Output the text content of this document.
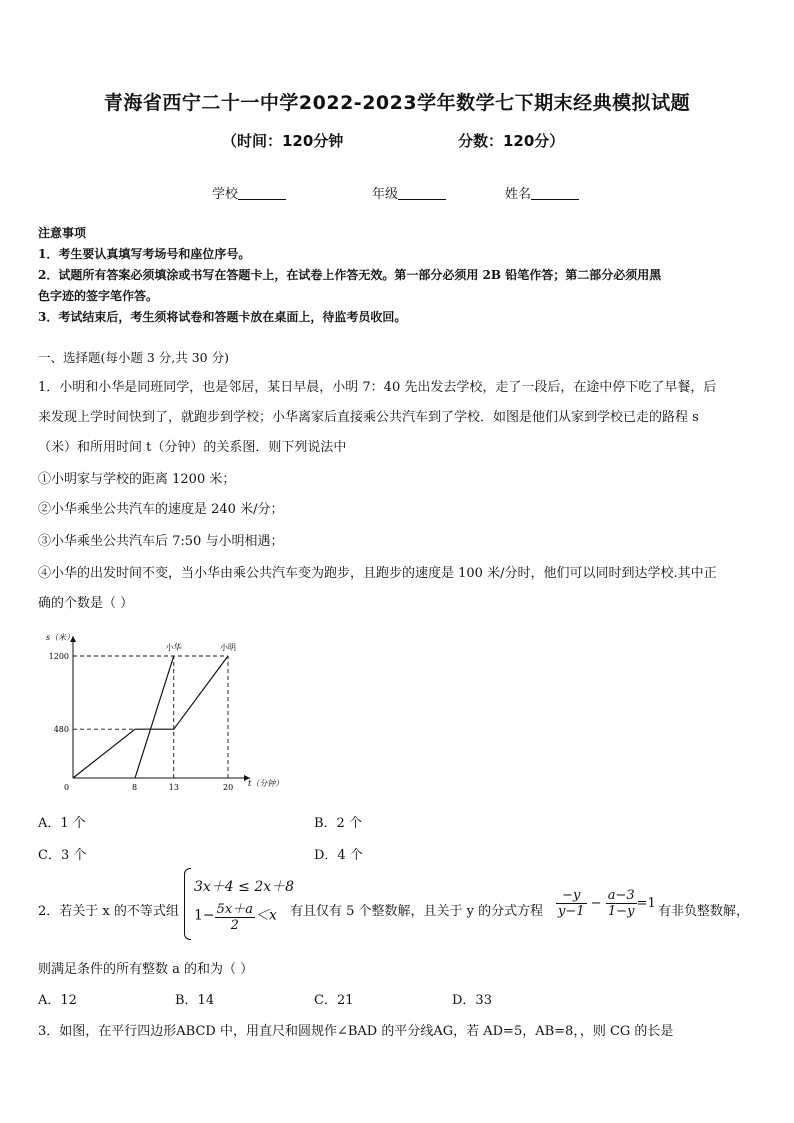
青海省西宁二十一中学2022-2023学年数学七下期末经典模拟试题
（时间：120分钟	分数：120分）
学校	年级	姓名
注意事项
1．考生要认真填写考场号和座位序号。
2．试题所有答案必须填涂或书写在答题卡上，在试卷上作答无效。第一部分必须用 2B 铅笔作答；第二部分必须用黑
色字迹的签字笔作答。
3．考试结束后，考生须将试卷和答题卡放在桌面上，待监考员收回。
一、选择题(每小题 3 分,共 30 分)
1．小明和小华是同班同学，也是邻居，某日早晨，小明 7：40 先出发去学校，走了一段后，在途中停下吃了早餐，后
来发现上学时间快到了，就跑步到学校；小华离家后直接乘公共汽车到了学校．如图是他们从家到学校已走的路程 s
（米）和所用时间 t（分钟）的关系图．则下列说法中
①小明家与学校的距离 1200 米；
②小华乘坐公共汽车的速度是 240 米/分；
③小华乘坐公共汽车后 7:50 与小明相遇；
④小华的出发时间不变，当小华由乘公共汽车变为跑步，且跑步的速度是 100 米/分时，他们可以同时到达学校.其中正
确的个数是（ ）
小华	小明
0	8	13	20
480
1200
s（米）
t（分钟）
A．1 个	B．2 个
C．3 个	D．4 个
2．若关于 x 的不等式组
3x＋4 ≤ 2x＋8
$1- \frac{5x+a}{2} <x$ 有且仅有 5 个整数解，且关于 y 的分式方程 $\frac{-y}{y-1} - \frac{a-3}{1-y} =1$
有非负整数解，
则满足条件的所有整数 a 的和为（ ）
A．12	B．14	C．21	D．33
3．如图，在平行四边形ABCD 中，用直尺和圆规作∠BAD 的平分线AG，若 AD=5，AB=8，，则 CG 的长是
